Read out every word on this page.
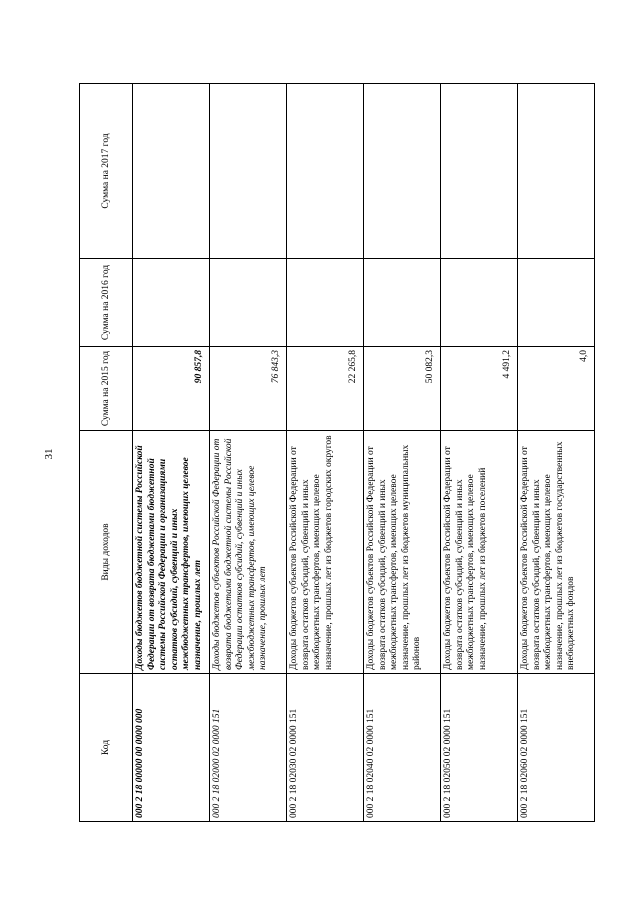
31
Код	Виды доходов	Сумма на 2015 год	Сумма на 2016 год	Сумма на 2017 год
000 2 18 00000 00 0000 000	Доходы бюджетов бюджетной системы Российской Федерации от возврата бюджетами бюджетной системы Российской Федерации и организациями остатков субсидий, субвенций и иных межбюджетных трансфертов, имеющих целевое назначение, прошлых лет	90 857,8		
000 2 18 02000 02 0000 151	Доходы бюджетов субъектов Российской Федерации от возврата бюджетами бюджетной системы Российской Федерации остатков субсидий, субвенций и иных межбюджетных трансфертов, имеющих целевое назначение, прошлых лет	76 843,3		
000 2 18 02030 02 0000 151	Доходы бюджетов субъектов Российской Федерации от возврата остатков субсидий, субвенций и иных межбюджетных трансфертов, имеющих целевое назначение, прошлых лет из бюджетов городских округов	22 265,8		
000 2 18 02040 02 0000 151	Доходы бюджетов субъектов Российской Федерации от возврата остатков субсидий, субвенций и иных межбюджетных трансфертов, имеющих целевое назначение, прошлых лет из бюджетов муниципальных районов	50 082,3		
000 2 18 02050 02 0000 151	Доходы бюджетов субъектов Российской Федерации от возврата остатков субсидий, субвенций и иных межбюджетных трансфертов, имеющих целевое назначение, прошлых лет из бюджетов поселений	4 491,2		
000 2 18 02060 02 0000 151	Доходы бюджетов субъектов Российской Федерации от возврата остатков субсидий, субвенций и иных межбюджетных трансфертов, имеющих целевое назначение, прошлых лет из бюджетов государственных внебюджетных фондов	4,0		
